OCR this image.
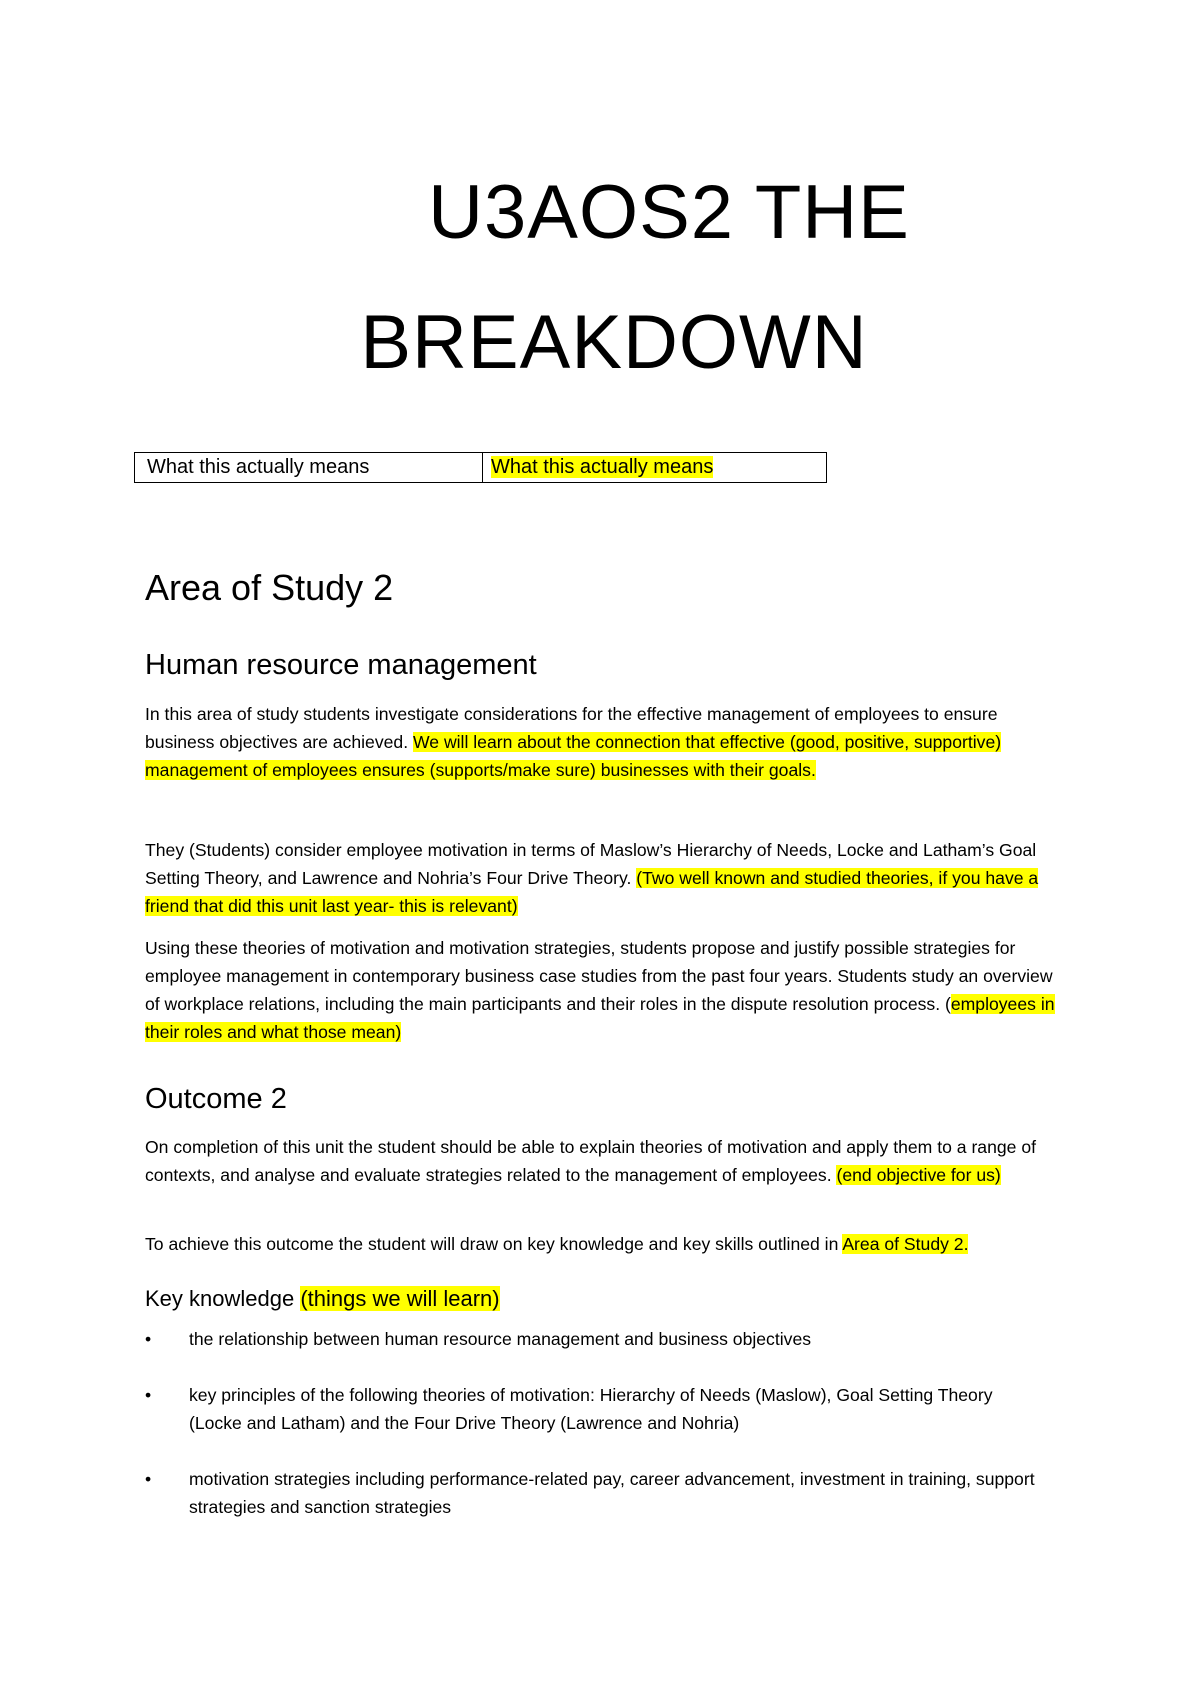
U3AOS2 THE
BREAKDOWN
What this actually means	What this actually means
Area of Study 2
Human resource management

In this area of study students investigate considerations for the effective management of employees to ensure business objectives are achieved. We will learn about the connection that effective (good, positive, supportive) management of employees ensures (supports/make sure) businesses with their goals.

They (Students) consider employee motivation in terms of Maslow’s Hierarchy of Needs, Locke and Latham’s Goal Setting Theory, and Lawrence and Nohria’s Four Drive Theory. (Two well known and studied theories, if you have a friend that did this unit last year- this is relevant)

Using these theories of motivation and motivation strategies, students propose and justify possible strategies for employee management in contemporary business case studies from the past four years. Students study an overview of workplace relations, including the main participants and their roles in the dispute resolution process. (employees in their roles and what those mean)

Outcome 2

On completion of this unit the student should be able to explain theories of motivation and apply them to a range of contexts, and analyse and evaluate strategies related to the management of employees. (end objective for us)

To achieve this outcome the student will draw on key knowledge and key skills outlined in Area of Study 2.

Key knowledge (things we will learn)
• the relationship between human resource management and business objectives
• key principles of the following theories of motivation: Hierarchy of Needs (Maslow), Goal Setting Theory (Locke and Latham) and the Four Drive Theory (Lawrence and Nohria)
• motivation strategies including performance-related pay, career advancement, investment in training, support strategies and sanction strategies
